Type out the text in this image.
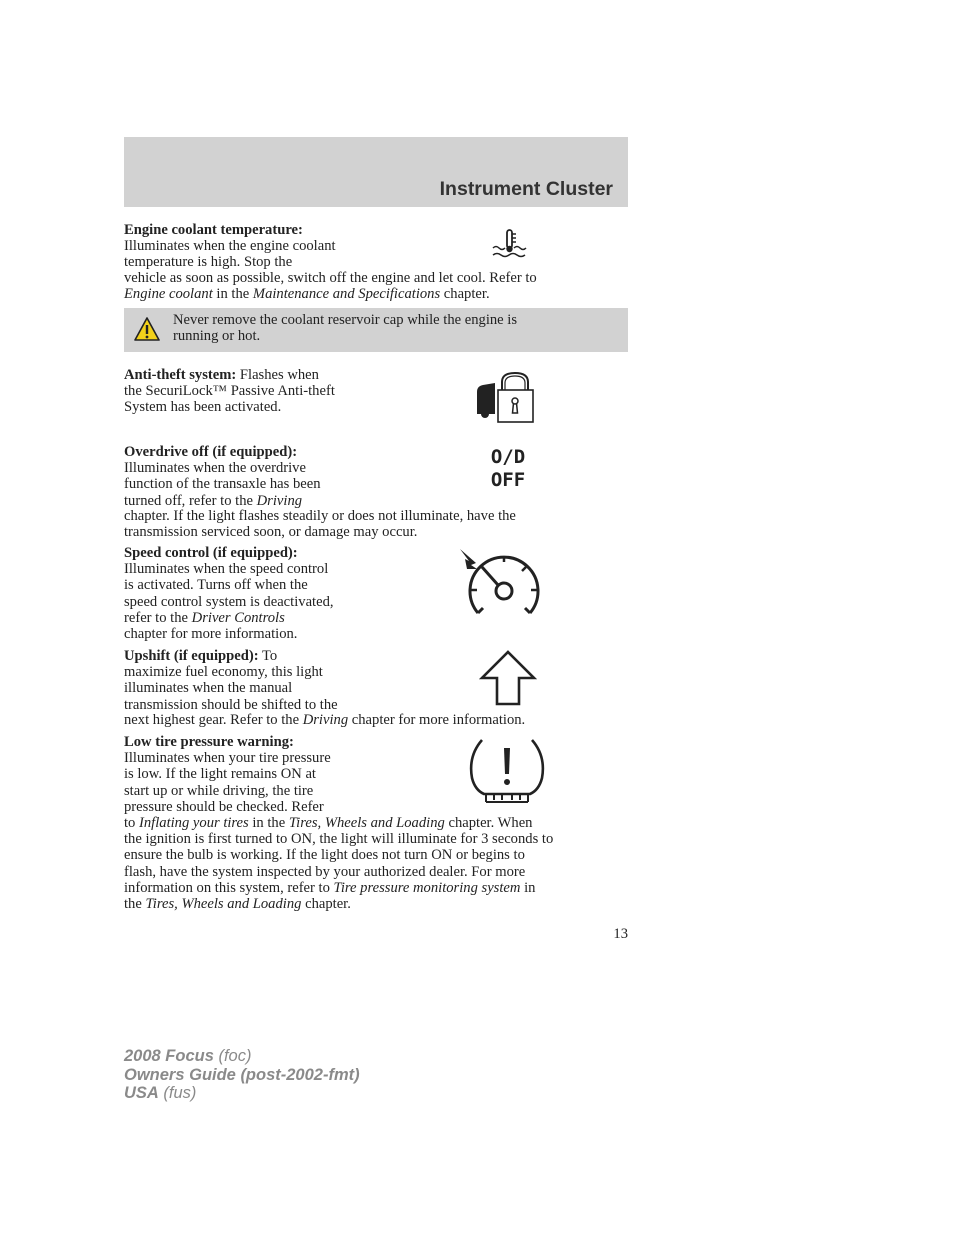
Instrument Cluster
Engine coolant temperature:
Illuminates when the engine coolant
temperature is high. Stop the
vehicle as soon as possible, switch off the engine and let cool. Refer to
Engine coolant in the Maintenance and Specifications chapter.
Never remove the coolant reservoir cap while the engine is
running or hot.
Anti-theft system: Flashes when
the SecuriLock™ Passive Anti-theft
System has been activated.
Overdrive off (if equipped):
Illuminates when the overdrive
function of the transaxle has been
turned off, refer to the Driving
chapter. If the light flashes steadily or does not illuminate, have the
transmission serviced soon, or damage may occur.
O/D
OFF
Speed control (if equipped):
Illuminates when the speed control
is activated. Turns off when the
speed control system is deactivated,
refer to the Driver Controls
chapter for more information.
Upshift (if equipped): To
maximize fuel economy, this light
illuminates when the manual
transmission should be shifted to the
next highest gear. Refer to the Driving chapter for more information.
Low tire pressure warning:
Illuminates when your tire pressure
is low. If the light remains ON at
start up or while driving, the tire
pressure should be checked. Refer
to Inflating your tires in the Tires, Wheels and Loading chapter. When
the ignition is first turned to ON, the light will illuminate for 3 seconds to
ensure the bulb is working. If the light does not turn ON or begins to
flash, have the system inspected by your authorized dealer. For more
information on this system, refer to Tire pressure monitoring system in
the Tires, Wheels and Loading chapter.
13
2008 Focus (foc)
Owners Guide (post-2002-fmt)
USA (fus)
